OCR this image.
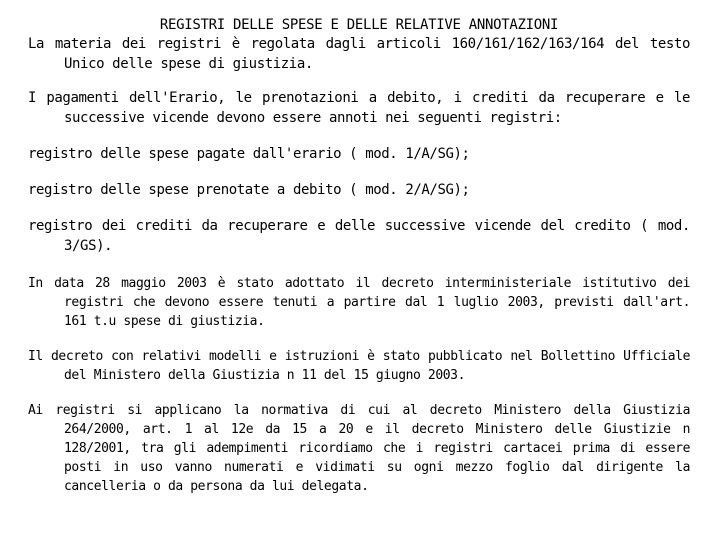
REGISTRI DELLE SPESE E DELLE RELATIVE ANNOTAZIONI

La materia dei registri è regolata dagli articoli 160/161/162/163/164 del testo Unico delle spese di giustizia.

I pagamenti dell'Erario, le prenotazioni a debito, i crediti da recuperare e le successive vicende devono essere annoti nei seguenti registri:

registro delle spese pagate dall'erario ( mod. 1/A/SG);

registro delle spese prenotate a debito ( mod. 2/A/SG);

registro dei crediti da recuperare e delle successive vicende del credito ( mod. 3/GS).

In data 28 maggio 2003 è stato adottato il decreto interministeriale istitutivo dei registri che devono essere tenuti a partire dal 1 luglio 2003, previsti dall'art. 161 t.u spese di giustizia.

Il decreto con relativi modelli e istruzioni è stato pubblicato nel Bollettino Ufficiale del Ministero della Giustizia n 11 del 15 giugno 2003.

Ai registri si applicano la normativa di cui al decreto Ministero della Giustizia 264/2000, art. 1 al 12e da 15 a 20 e il decreto Ministero delle Giustizie n 128/2001, tra gli adempimenti ricordiamo che i registri cartacei prima di essere posti in uso vanno numerati e vidimati su ogni mezzo foglio dal dirigente la cancelleria o da persona da lui delegata.
